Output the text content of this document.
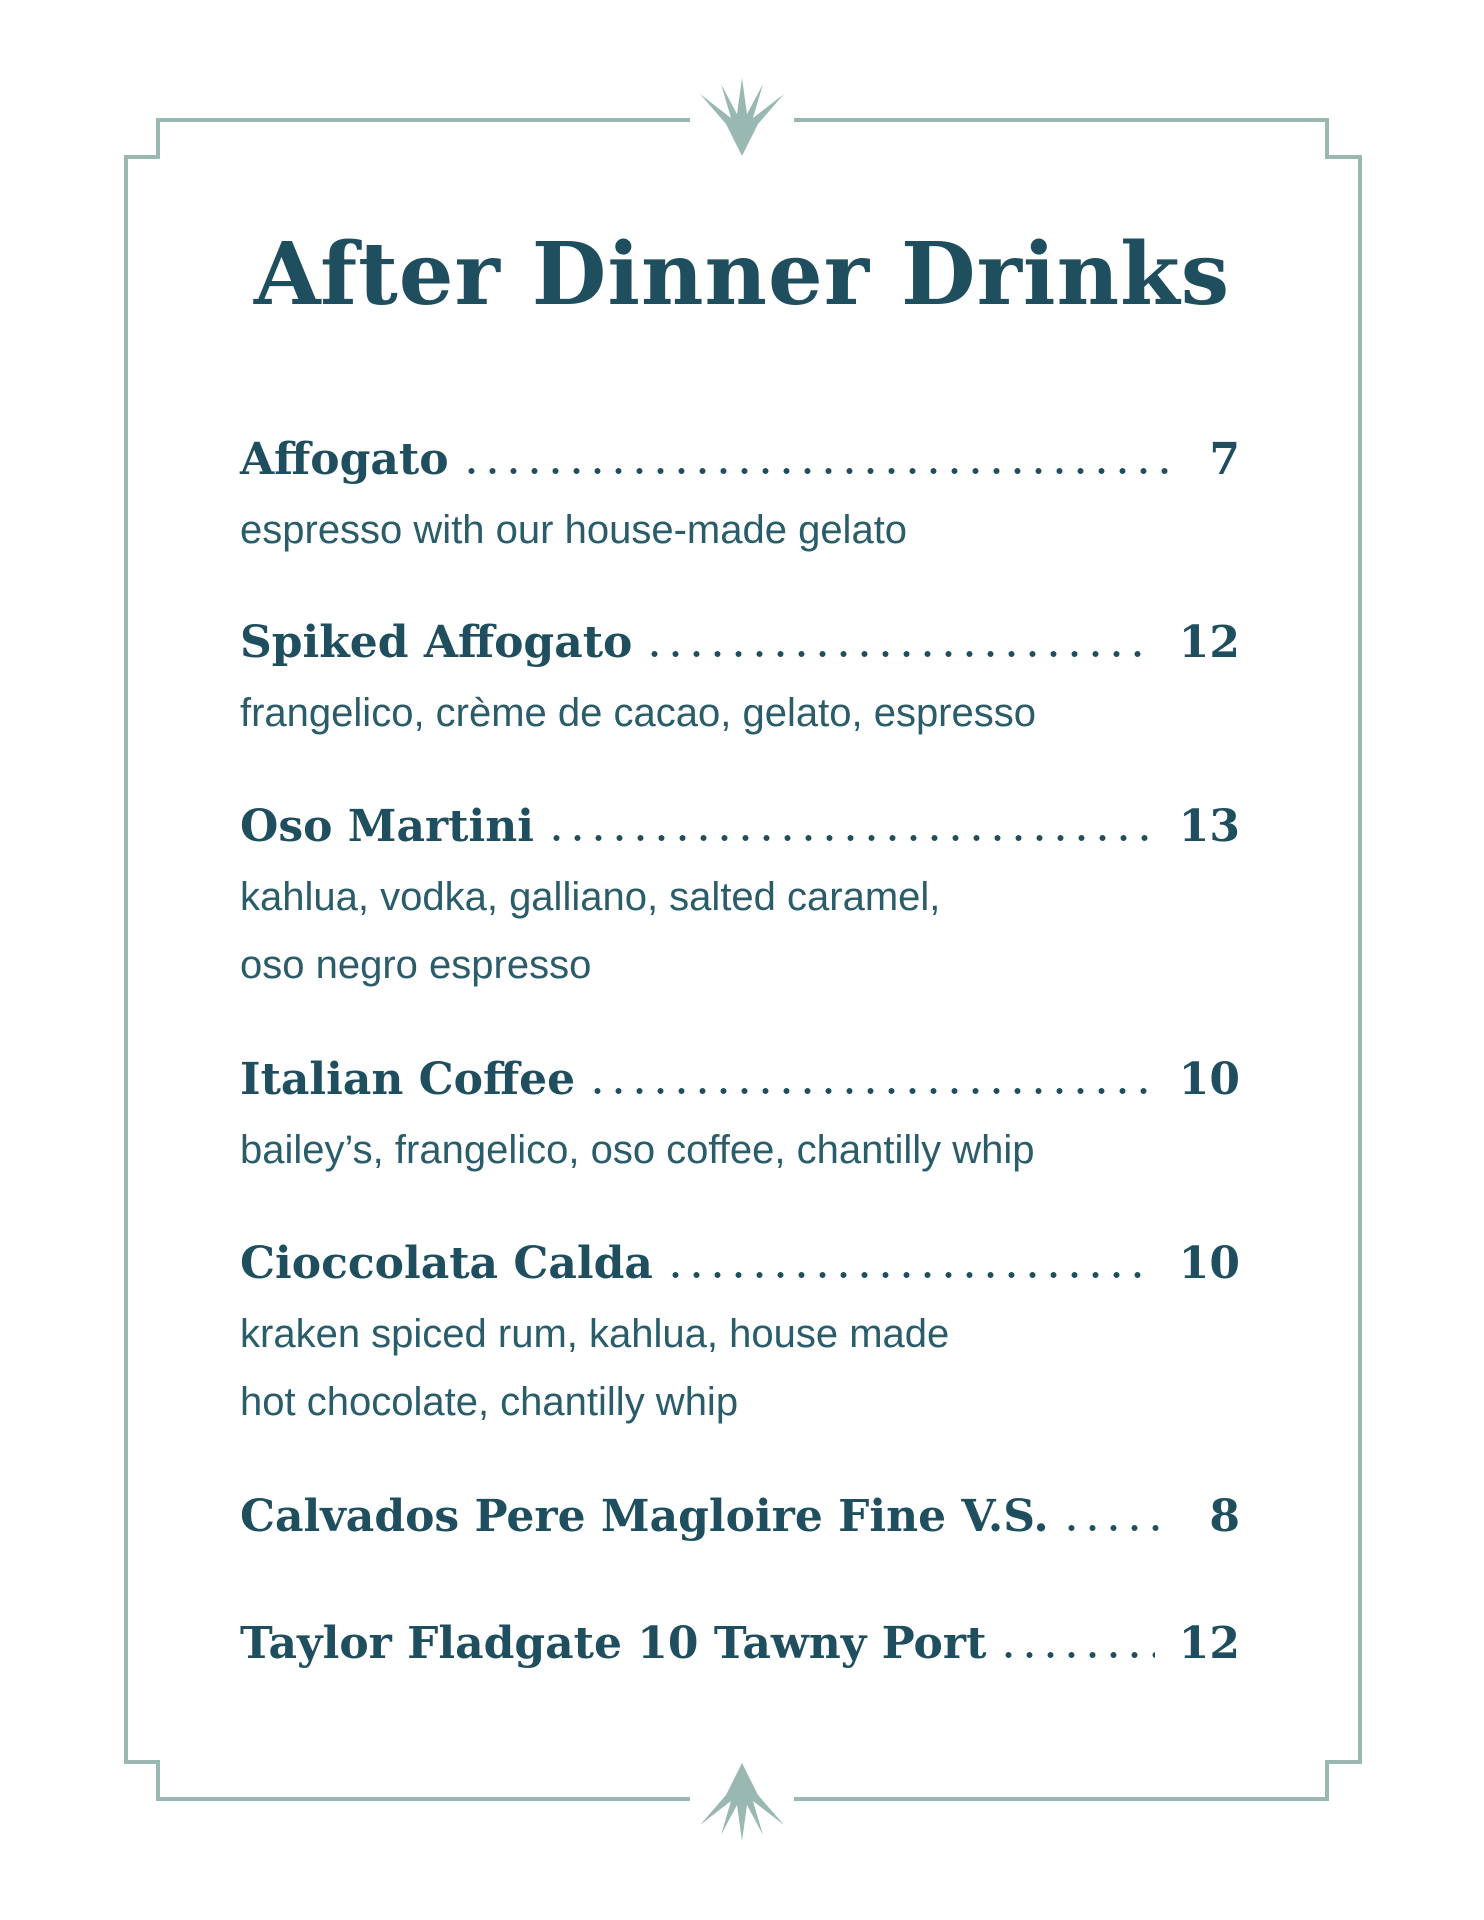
After Dinner Drinks
Affogato	7
espresso with our house-made gelato
Spiked Affogato	12
frangelico, crème de cacao, gelato, espresso
Oso Martini	13
kahlua, vodka, galliano, salted caramel,
oso negro espresso
Italian Coffee	10
bailey’s, frangelico, oso coffee, chantilly whip
Cioccolata Calda	10
kraken spiced rum, kahlua, house made
hot chocolate, chantilly whip
Calvados Pere Magloire Fine V.S.	8
Taylor Fladgate 10 Tawny Port	12
